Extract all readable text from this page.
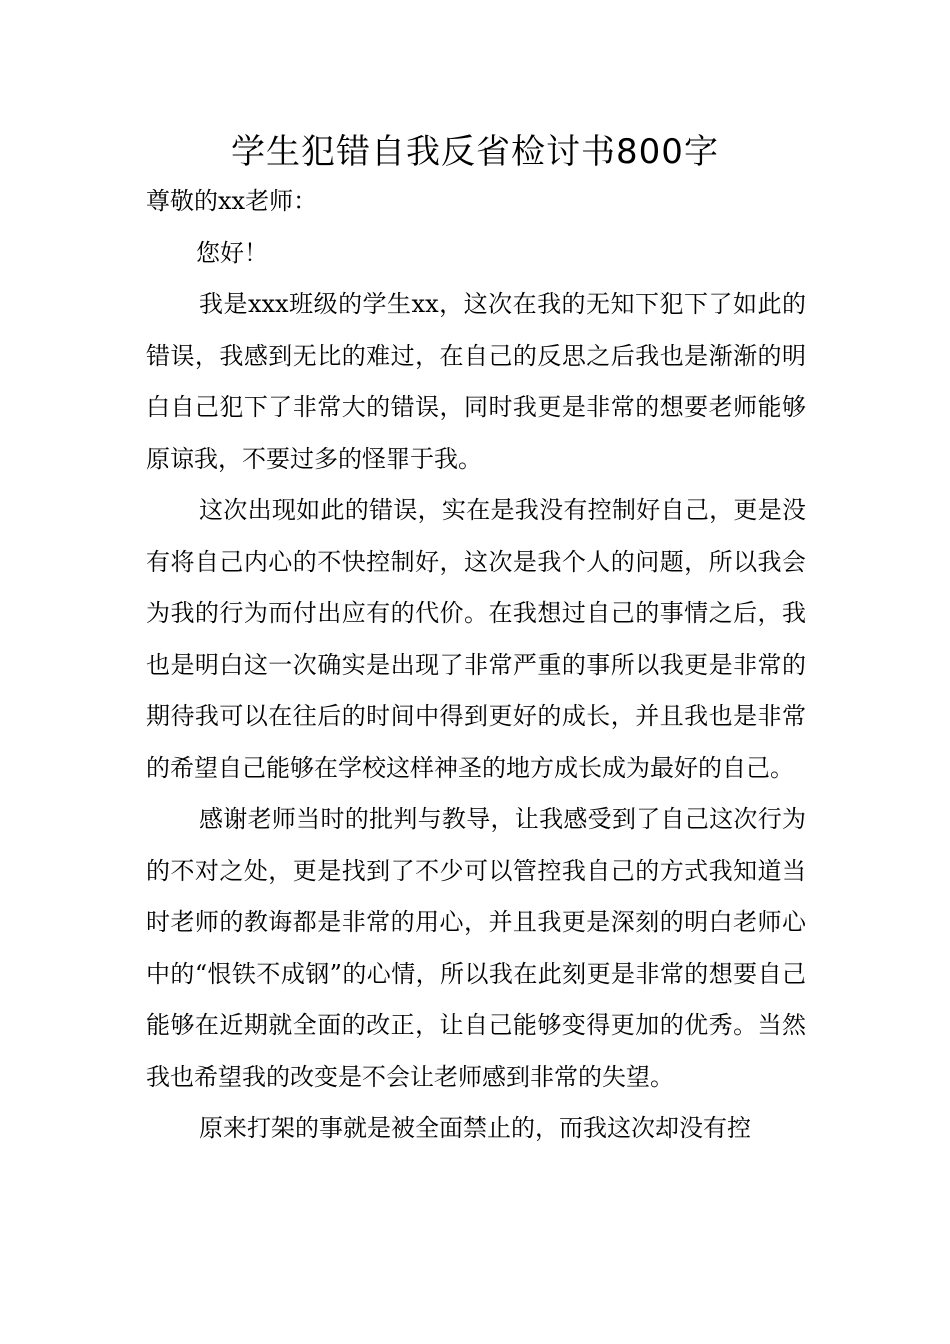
学生犯错自我反省检讨书800字

尊敬的xx老师：

您好！

我是xxx班级的学生xx，这次在我的无知下犯下了如此的错误，我感到无比的难过，在自己的反思之后我也是渐渐的明白自己犯下了非常大的错误，同时我更是非常的想要老师能够原谅我，不要过多的怪罪于我。

这次出现如此的错误，实在是我没有控制好自己，更是没有将自己内心的不快控制好，这次是我个人的问题，所以我会为我的行为而付出应有的代价。在我想过自己的事情之后，我也是明白这一次确实是出现了非常严重的事所以我更是非常的期待我可以在往后的时间中得到更好的成长，并且我也是非常的希望自己能够在学校这样神圣的地方成长成为最好的自己。

感谢老师当时的批判与教导，让我感受到了自己这次行为的不对之处，更是找到了不少可以管控我自己的方式我知道当时老师的教诲都是非常的用心，并且我更是深刻的明白老师心中的“恨铁不成钢”的心情，所以我在此刻更是非常的想要自己能够在近期就全面的改正，让自己能够变得更加的优秀。当然我也希望我的改变是不会让老师感到非常的失望。

原来打架的事就是被全面禁止的，而我这次却没有控
